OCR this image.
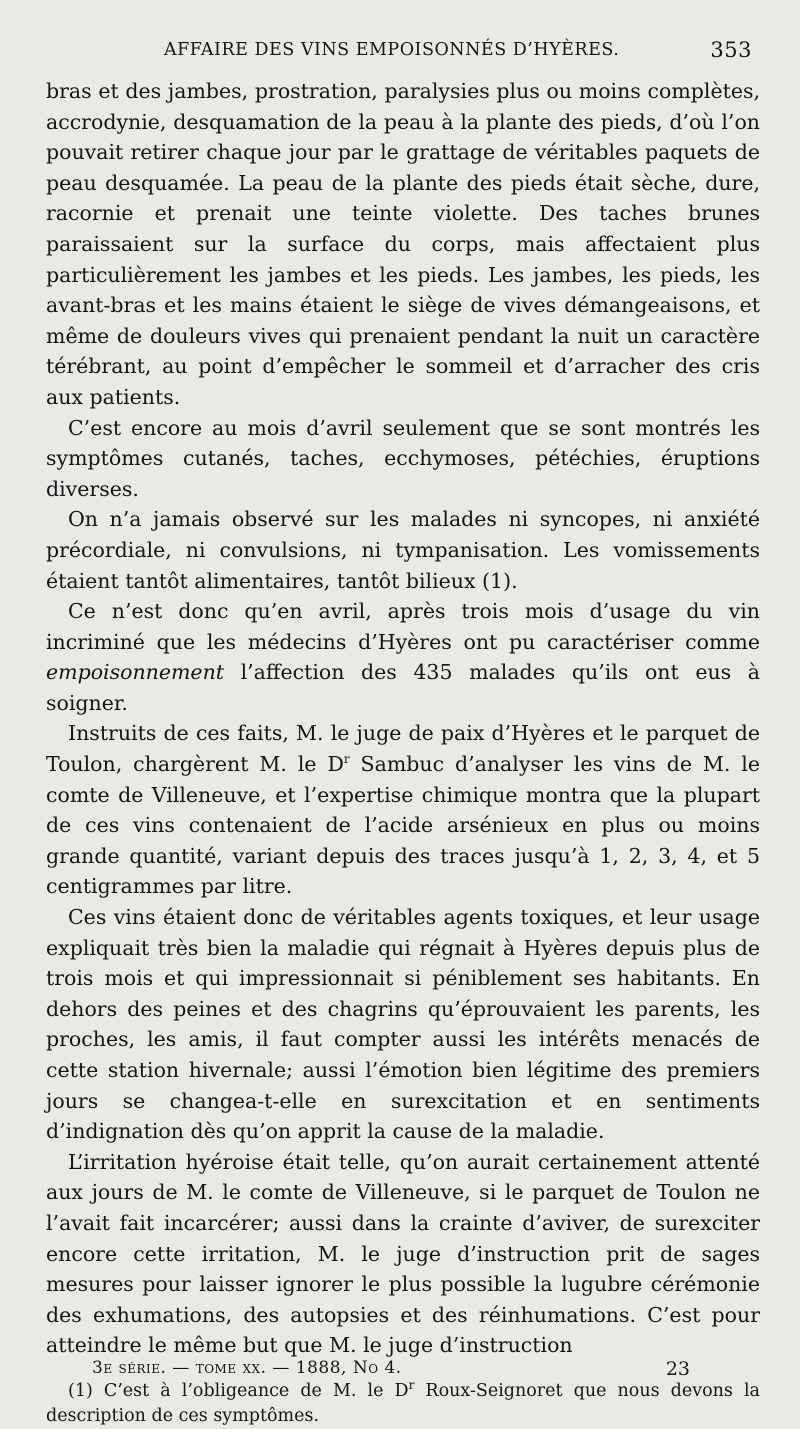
AFFAIRE DES VINS EMPOISONNÉS D’HYÈRES.	353

bras et des jambes, prostration, paralysies plus ou moins complètes, accrodynie, desquamation de la peau à la plante des pieds, d’où l’on pouvait retirer chaque jour par le grattage de véritables paquets de peau desquamée. La peau de la plante des pieds était sèche, dure, racornie et prenait une teinte violette. Des taches brunes paraissaient sur la surface du corps, mais affectaient plus particulièrement les jambes et les pieds. Les jambes, les pieds, les avant-bras et les mains étaient le siège de vives démangeaisons, et même de douleurs vives qui prenaient pendant la nuit un caractère térébrant, au point d’empêcher le sommeil et d’arracher des cris aux patients.

C’est encore au mois d’avril seulement que se sont montrés les symptômes cutanés, taches, ecchymoses, pétéchies, éruptions diverses.

On n’a jamais observé sur les malades ni syncopes, ni anxiété précordiale, ni convulsions, ni tympanisation. Les vomissements étaient tantôt alimentaires, tantôt bilieux (1).

Ce n’est donc qu’en avril, après trois mois d’usage du vin incriminé que les médecins d’Hyères ont pu caractériser comme empoisonnement l’affection des 435 malades qu’ils ont eus à soigner.

Instruits de ces faits, M. le juge de paix d’Hyères et le parquet de Toulon, chargèrent M. le $D^r$ Sambuc d’analyser les vins de M. le comte de Villeneuve, et l’expertise chimique montra que la plupart de ces vins contenaient de l’acide arsénieux en plus ou moins grande quantité, variant depuis des traces jusqu’à 1, 2, 3, 4, et 5 centigrammes par litre.

Ces vins étaient donc de véritables agents toxiques, et leur usage expliquait très bien la maladie qui régnait à Hyères depuis plus de trois mois et qui impressionnait si péniblement ses habitants. En dehors des peines et des chagrins qu’éprouvaient les parents, les proches, les amis, il faut compter aussi les intérêts menacés de cette station hivernale; aussi l’émotion bien légitime des premiers jours se changea-t-elle en surexcitation et en sentiments d’indignation dès qu’on apprit la cause de la maladie.

L’irritation hyéroise était telle, qu’on aurait certainement attenté aux jours de M. le comte de Villeneuve, si le parquet de Toulon ne l’avait fait incarcérer; aussi dans la crainte d’aviver, de surexciter encore cette irritation, M. le juge d’instruction prit de sages mesures pour laisser ignorer le plus possible la lugubre cérémonie des exhumations, des autopsies et des réinhumations. C’est pour atteindre le même but que M. le juge d’instruction

(1) C’est à l’obligeance de M. le $D^r$ Roux-Seignoret que nous devons la description de ces symptômes.

3e série. — tome xx. — 1888, No 4.	23
